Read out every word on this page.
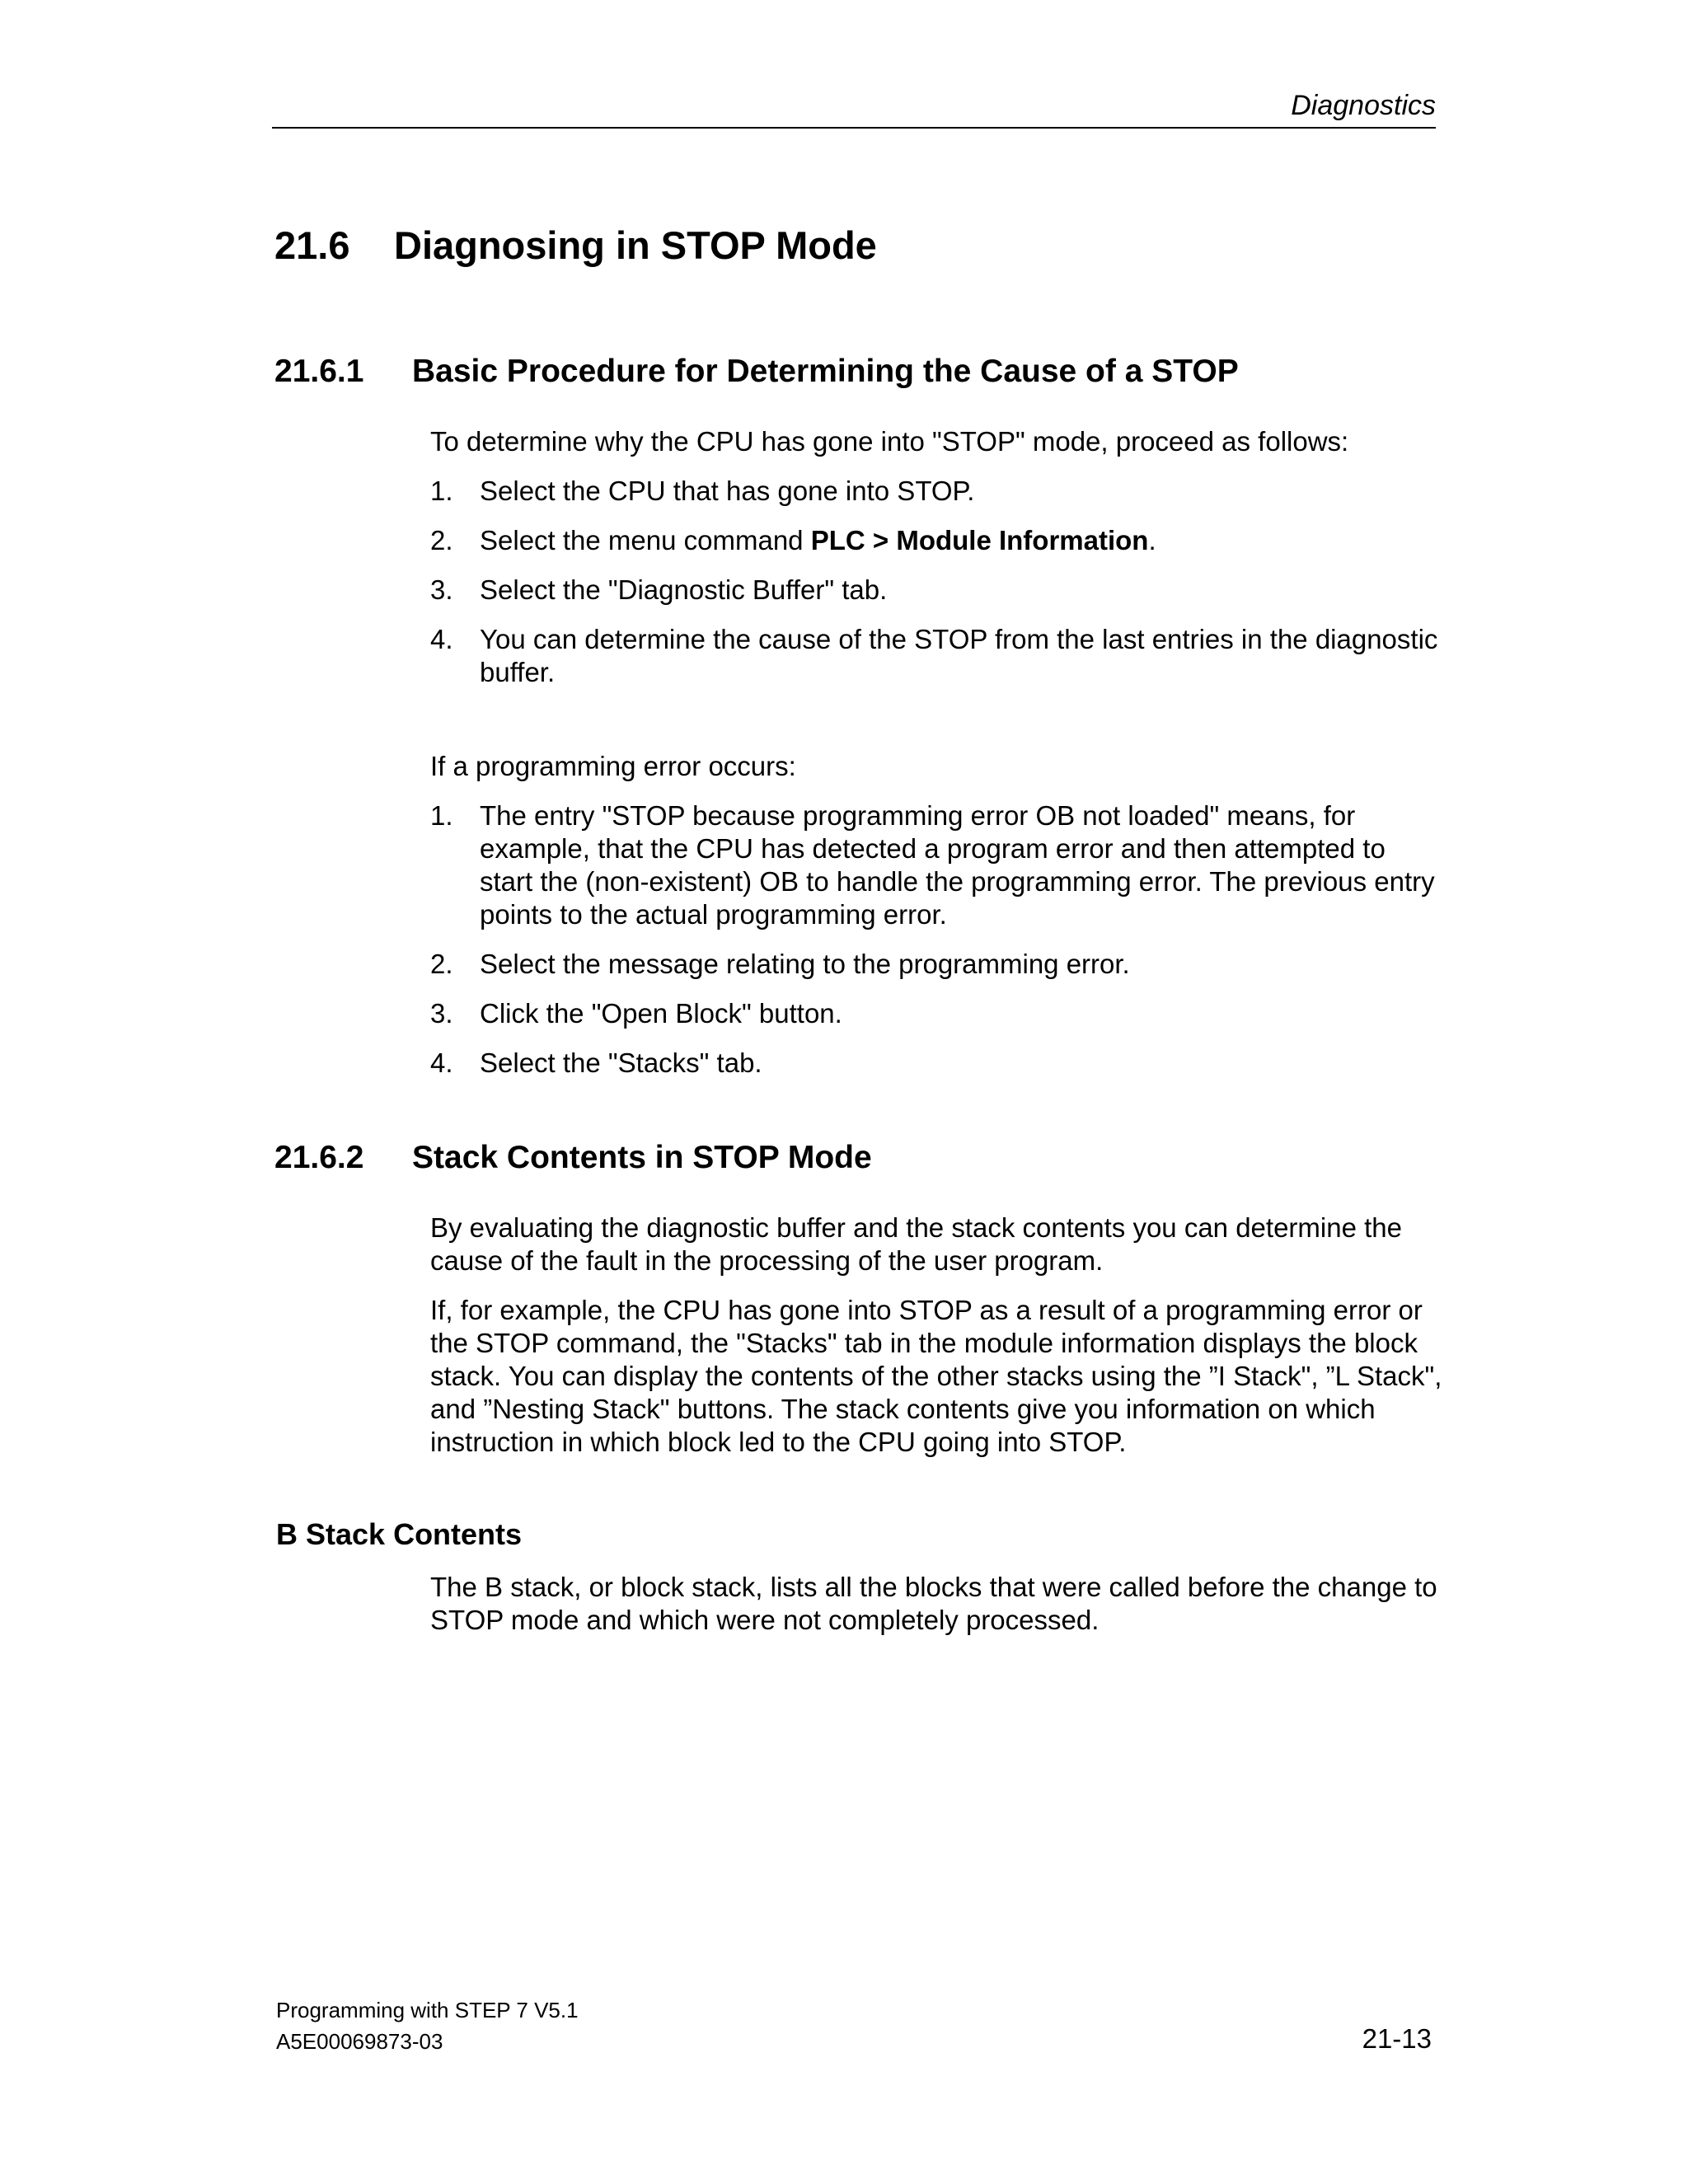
Diagnostics
21.6 Diagnosing in STOP Mode
21.6.1 Basic Procedure for Determining the Cause of a STOP

To determine why the CPU has gone into "STOP" mode, proceed as follows:

1. Select the CPU that has gone into STOP.
2. Select the menu command PLC > Module Information.
3. Select the "Diagnostic Buffer" tab.
4. You can determine the cause of the STOP from the last entries in the diagnostic buffer.

If a programming error occurs:

1. The entry "STOP because programming error OB not loaded" means, for example, that the CPU has detected a program error and then attempted to start the (non-existent) OB to handle the programming error. The previous entry points to the actual programming error.
2. Select the message relating to the programming error.
3. Click the "Open Block" button.
4. Select the "Stacks" tab.
21.6.2 Stack Contents in STOP Mode

By evaluating the diagnostic buffer and the stack contents you can determine the cause of the fault in the processing of the user program.

If, for example, the CPU has gone into STOP as a result of a programming error or the STOP command, the "Stacks" tab in the module information displays the block stack. You can display the contents of the other stacks using the ”I Stack", ”L Stack", and ”Nesting Stack" buttons. The stack contents give you information on which instruction in which block led to the CPU going into STOP.

B Stack Contents

The B stack, or block stack, lists all the blocks that were called before the change to STOP mode and which were not completely processed.

Programming with STEP 7 V5.1
A5E00069873-03	21-13
